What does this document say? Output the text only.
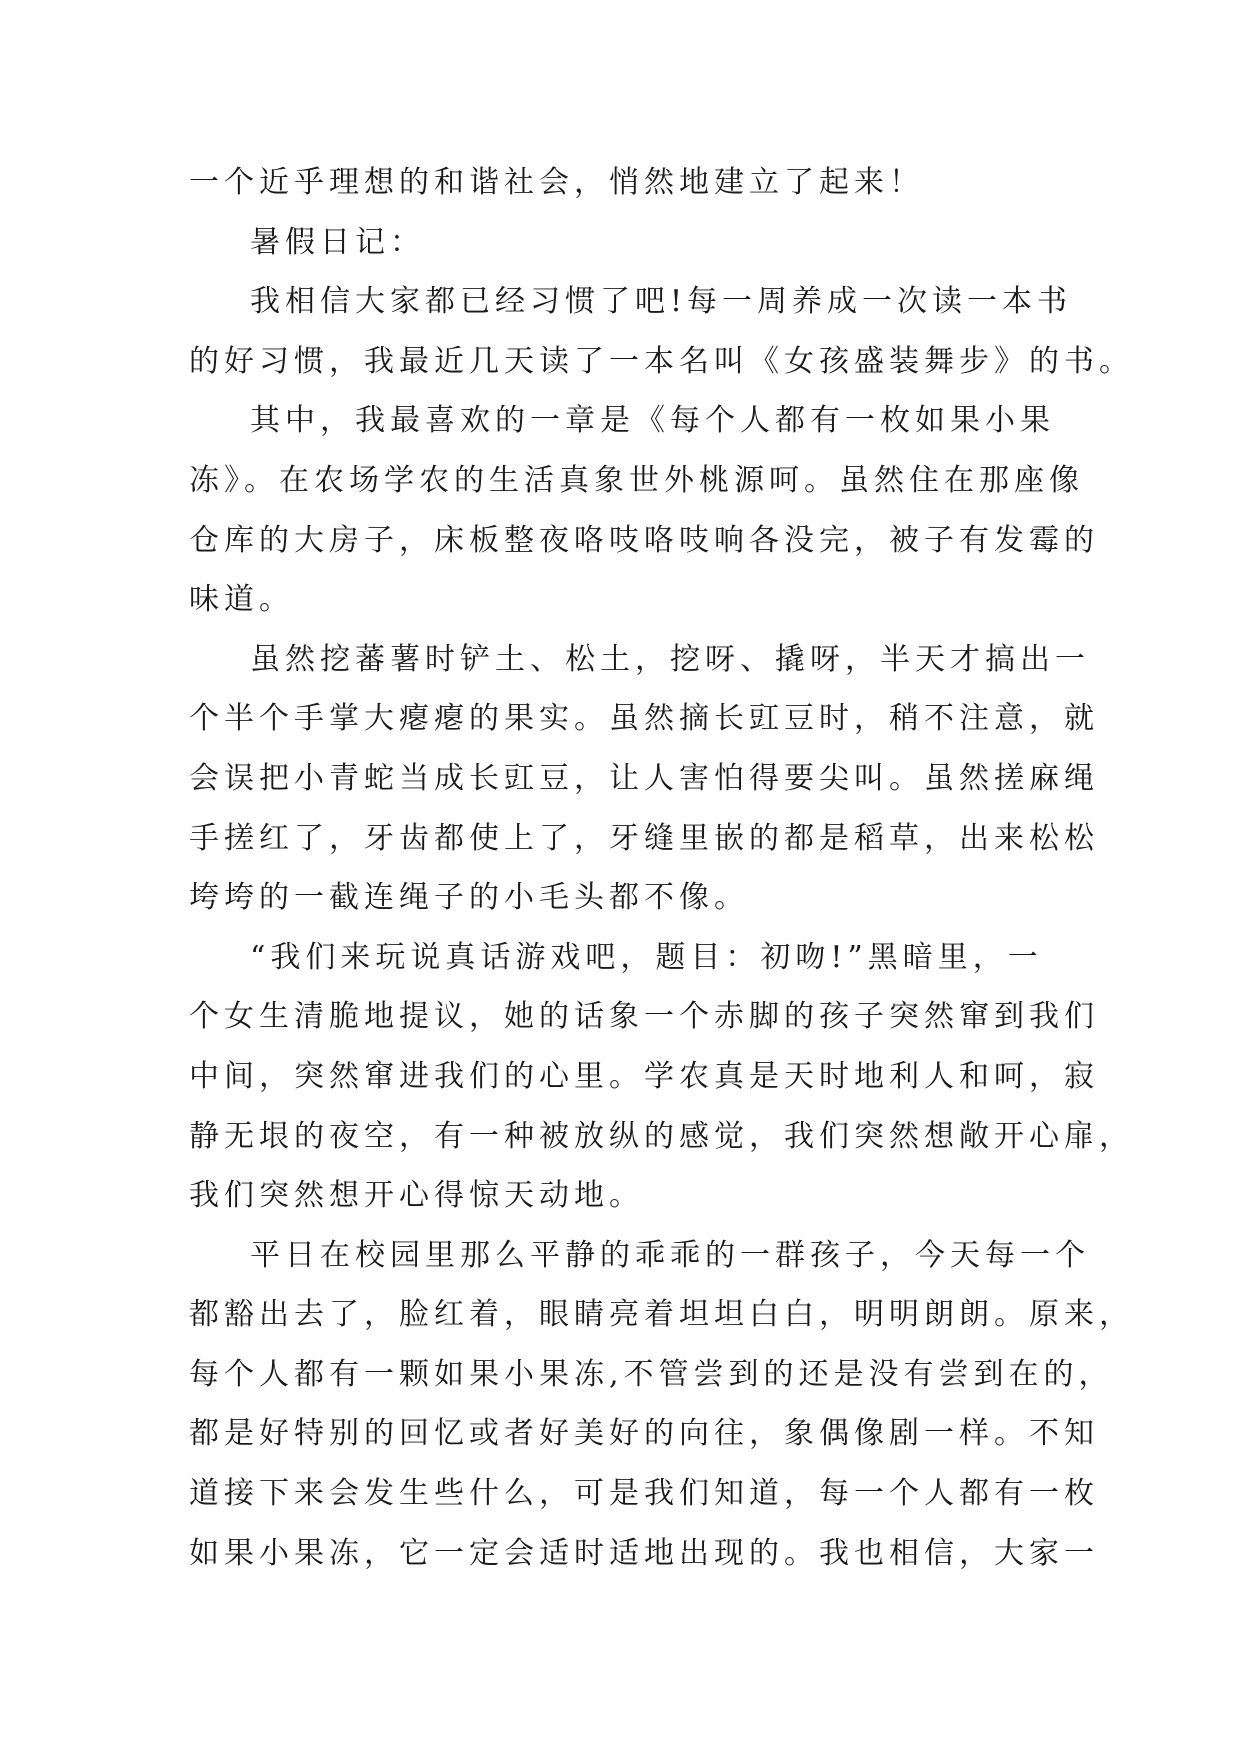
一个近乎理想的和谐社会，悄然地建立了起来！
暑假日记：
我相信大家都已经习惯了吧!每一周养成一次读一本书
的好习惯，我最近几天读了一本名叫《女孩盛装舞步》的书。
其中，我最喜欢的一章是《每个人都有一枚如果小果
冻》。在农场学农的生活真象世外桃源呵。虽然住在那座像
仓库的大房子，床板整夜咯吱咯吱响各没完，被子有发霉的
味道。
虽然挖蕃薯时铲土、松土，挖呀、撬呀，半天才搞出一
个半个手掌大瘪瘪的果实。虽然摘长豇豆时，稍不注意，就
会误把小青蛇当成长豇豆，让人害怕得要尖叫。虽然搓麻绳
手搓红了，牙齿都使上了，牙缝里嵌的都是稻草，出来松松
垮垮的一截连绳子的小毛头都不像。
“我们来玩说真话游戏吧，题目：初吻!”黑暗里，一
个女生清脆地提议，她的话象一个赤脚的孩子突然窜到我们
中间，突然窜进我们的心里。学农真是天时地利人和呵，寂
静无垠的夜空，有一种被放纵的感觉，我们突然想敞开心扉，
我们突然想开心得惊天动地。
平日在校园里那么平静的乖乖的一群孩子，今天每一个
都豁出去了，脸红着，眼睛亮着坦坦白白，明明朗朗。原来，
每个人都有一颗如果小果冻,不管尝到的还是没有尝到在的，
都是好特别的回忆或者好美好的向往，象偶像剧一样。不知
道接下来会发生些什么，可是我们知道，每一个人都有一枚
如果小果冻，它一定会适时适地出现的。我也相信，大家一
